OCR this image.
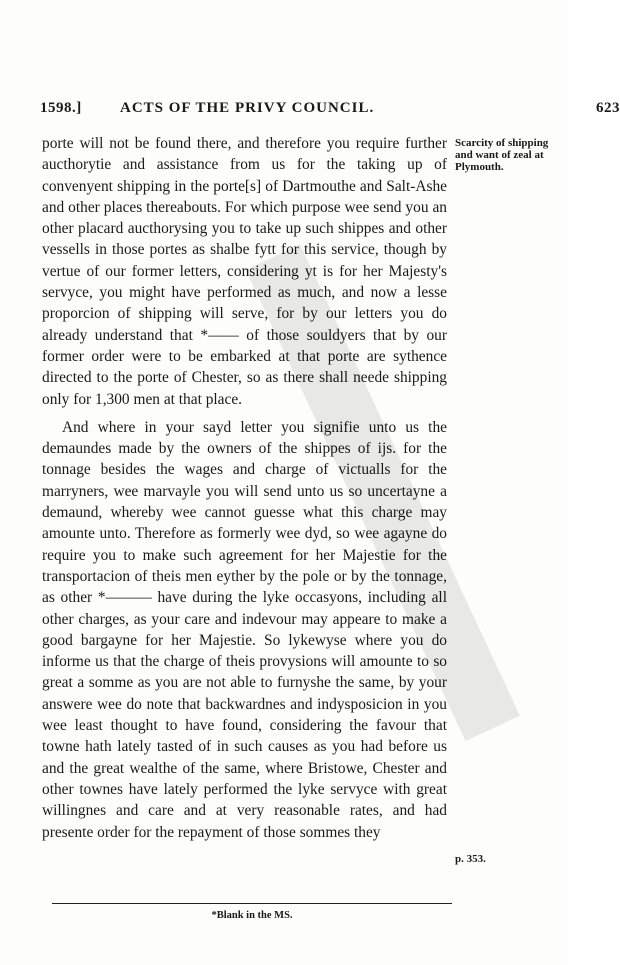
1598.]	ACTS OF THE PRIVY COUNCIL.	623

porte will not be found there, and therefore you require further aucthorytie and assistance from us for the taking up of convenyent shipping in the porte[s] of Dartmouthe and Salt-Ashe and other places thereabouts. For which purpose wee send you an other placard aucthorysing you to take up such shippes and other vessells in those portes as shalbe fytt for this service, though by vertue of our former letters, considering yt is for her Majesty's servyce, you might have performed as much, and now a lesse proporcion of shipping will serve, for by our letters you do already understand that *—— of those souldyers that by our former order were to be embarked at that porte are sythence directed to the porte of Chester, so as there shall neede shipping only for 1,300 men at that place.

And where in your sayd letter you signifie unto us the demaundes made by the owners of the shippes of ijs. for the tonnage besides the wages and charge of victualls for the marryners, wee marvayle you will send unto us so uncertayne a demaund, whereby wee cannot guesse what this charge may amounte unto. Therefore as formerly wee dyd, so wee agayne do require you to make such agreement for her Majestie for the transportacion of theis men eyther by the pole or by the tonnage, as other *——— have during the lyke occasyons, including all other charges, as your care and indevour may appeare to make a good bargayne for her Majestie. So lykewyse where you do informe us that the charge of theis provysions will amounte to so great a somme as you are not able to furnyshe the same, by your answere wee do note that backwardnes and indysposicion in you wee least thought to have found, considering the favour that towne hath lately tasted of in such causes as you had before us and the great wealthe of the same, where Bristowe, Chester and other townes have lately performed the lyke servyce with great willingnes and care and at very reasonable rates, and had presente order for the repayment of those sommes they

Scarcity of shipping and want of zeal at Plymouth.
p. 353.
*Blank in the MS.
